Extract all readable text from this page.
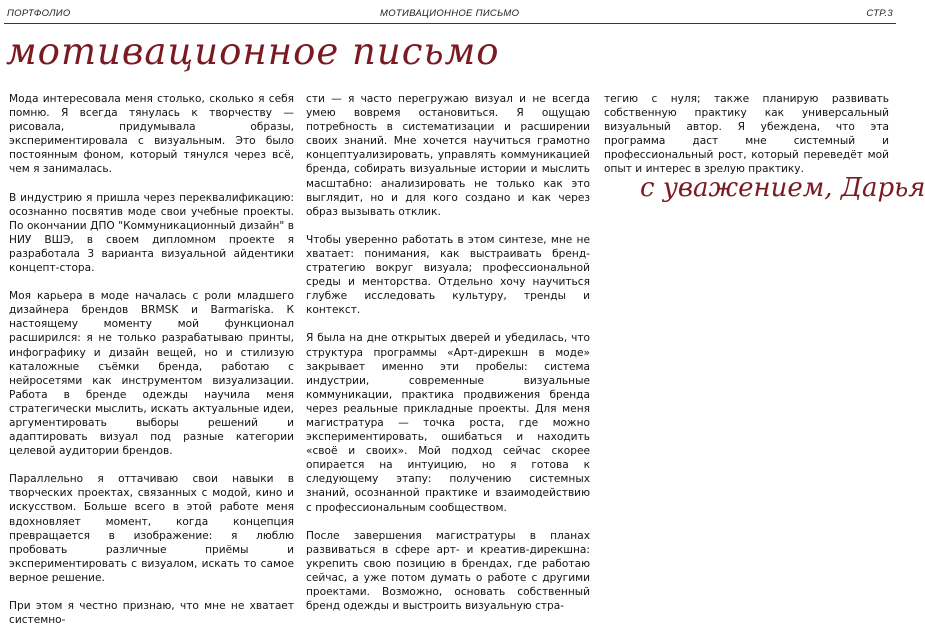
ПОРТФОЛИО	МОТИВАЦИОННОЕ ПИСЬМО	СТР.3
мотивационное письмо

Мода интересовала меня столько, сколько я себя помню. Я всегда тянулась к творчеству — рисовала, придумывала образы, экспериментировала с визуальным. Это было постоянным фоном, который тянулся через всё, чем я занималась.

В индустрию я пришла через переквалификацию: осознанно посвятив моде свои учебные проекты. По окончании ДПО "Коммуникационный дизайн" в НИУ ВШЭ, в своем дипломном проекте я разработала 3 варианта визуальной айдентики концепт-стора.

Моя карьера в моде началась с роли младшего дизайнера брендов BRMSK и Barmariska. К настоящему моменту мой функционал расширился: я не только разрабатываю принты, инфографику и дизайн вещей, но и стилизую каталожные съёмки бренда, работаю с нейросетями как инструментом визуализации. Работа в бренде одежды научила меня стратегически мыслить, искать актуальные идеи, аргументировать выборы решений и адаптировать визуал под разные категории целевой аудитории брендов.

Параллельно я оттачиваю свои навыки в творческих проектах, связанных с модой, кино и искусством. Больше всего в этой работе меня вдохновляет момент, когда концепция превращается в изображение: я люблю пробовать различные приёмы и экспериментировать с визуалом, искать то самое верное решение.

При этом я честно признаю, что мне не хватает системно-

сти — я часто перегружаю визуал и не всегда умею вовремя остановиться. Я ощущаю потребность в систематизации и расширении своих знаний. Мне хочется научиться грамотно концептуализировать, управлять коммуникацией бренда, собирать визуальные истории и мыслить масштабно: анализировать не только как это выглядит, но и для кого создано и как через образ вызывать отклик.

Чтобы уверенно работать в этом синтезе, мне не хватает: понимания, как выстраивать бренд-стратегию вокруг визуала; профессиональной среды и менторства. Отдельно хочу научиться глубже исследовать культуру, тренды и контекст.

Я была на дне открытых дверей и убедилась, что структура программы «Арт-дирекшн в моде» закрывает именно эти пробелы: система индустрии, современные визуальные коммуникации, практика продвижения бренда через реальные прикладные проекты. Для меня магистратура — точка роста, где можно экспериментировать, ошибаться и находить «своё и своих». Мой подход сейчас скорее опирается на интуицию, но я готова к следующему этапу: получению системных знаний, осознанной практике и взаимодействию с профессиональным сообществом.

После завершения магистратуры в планах развиваться в сфере арт- и креатив-дирекшна: укрепить свою позицию в брендах, где работаю сейчас, а уже потом думать о работе с другими проектами. Возможно, основать собственный бренд одежды и выстроить визуальную стра-

тегию с нуля; также планирую развивать собственную практику как универсальный визуальный автор. Я убеждена, что эта программа даст мне системный и профессиональный рост, который переведёт мой опыт и интерес в зрелую практику.

с уважением, Дарья
